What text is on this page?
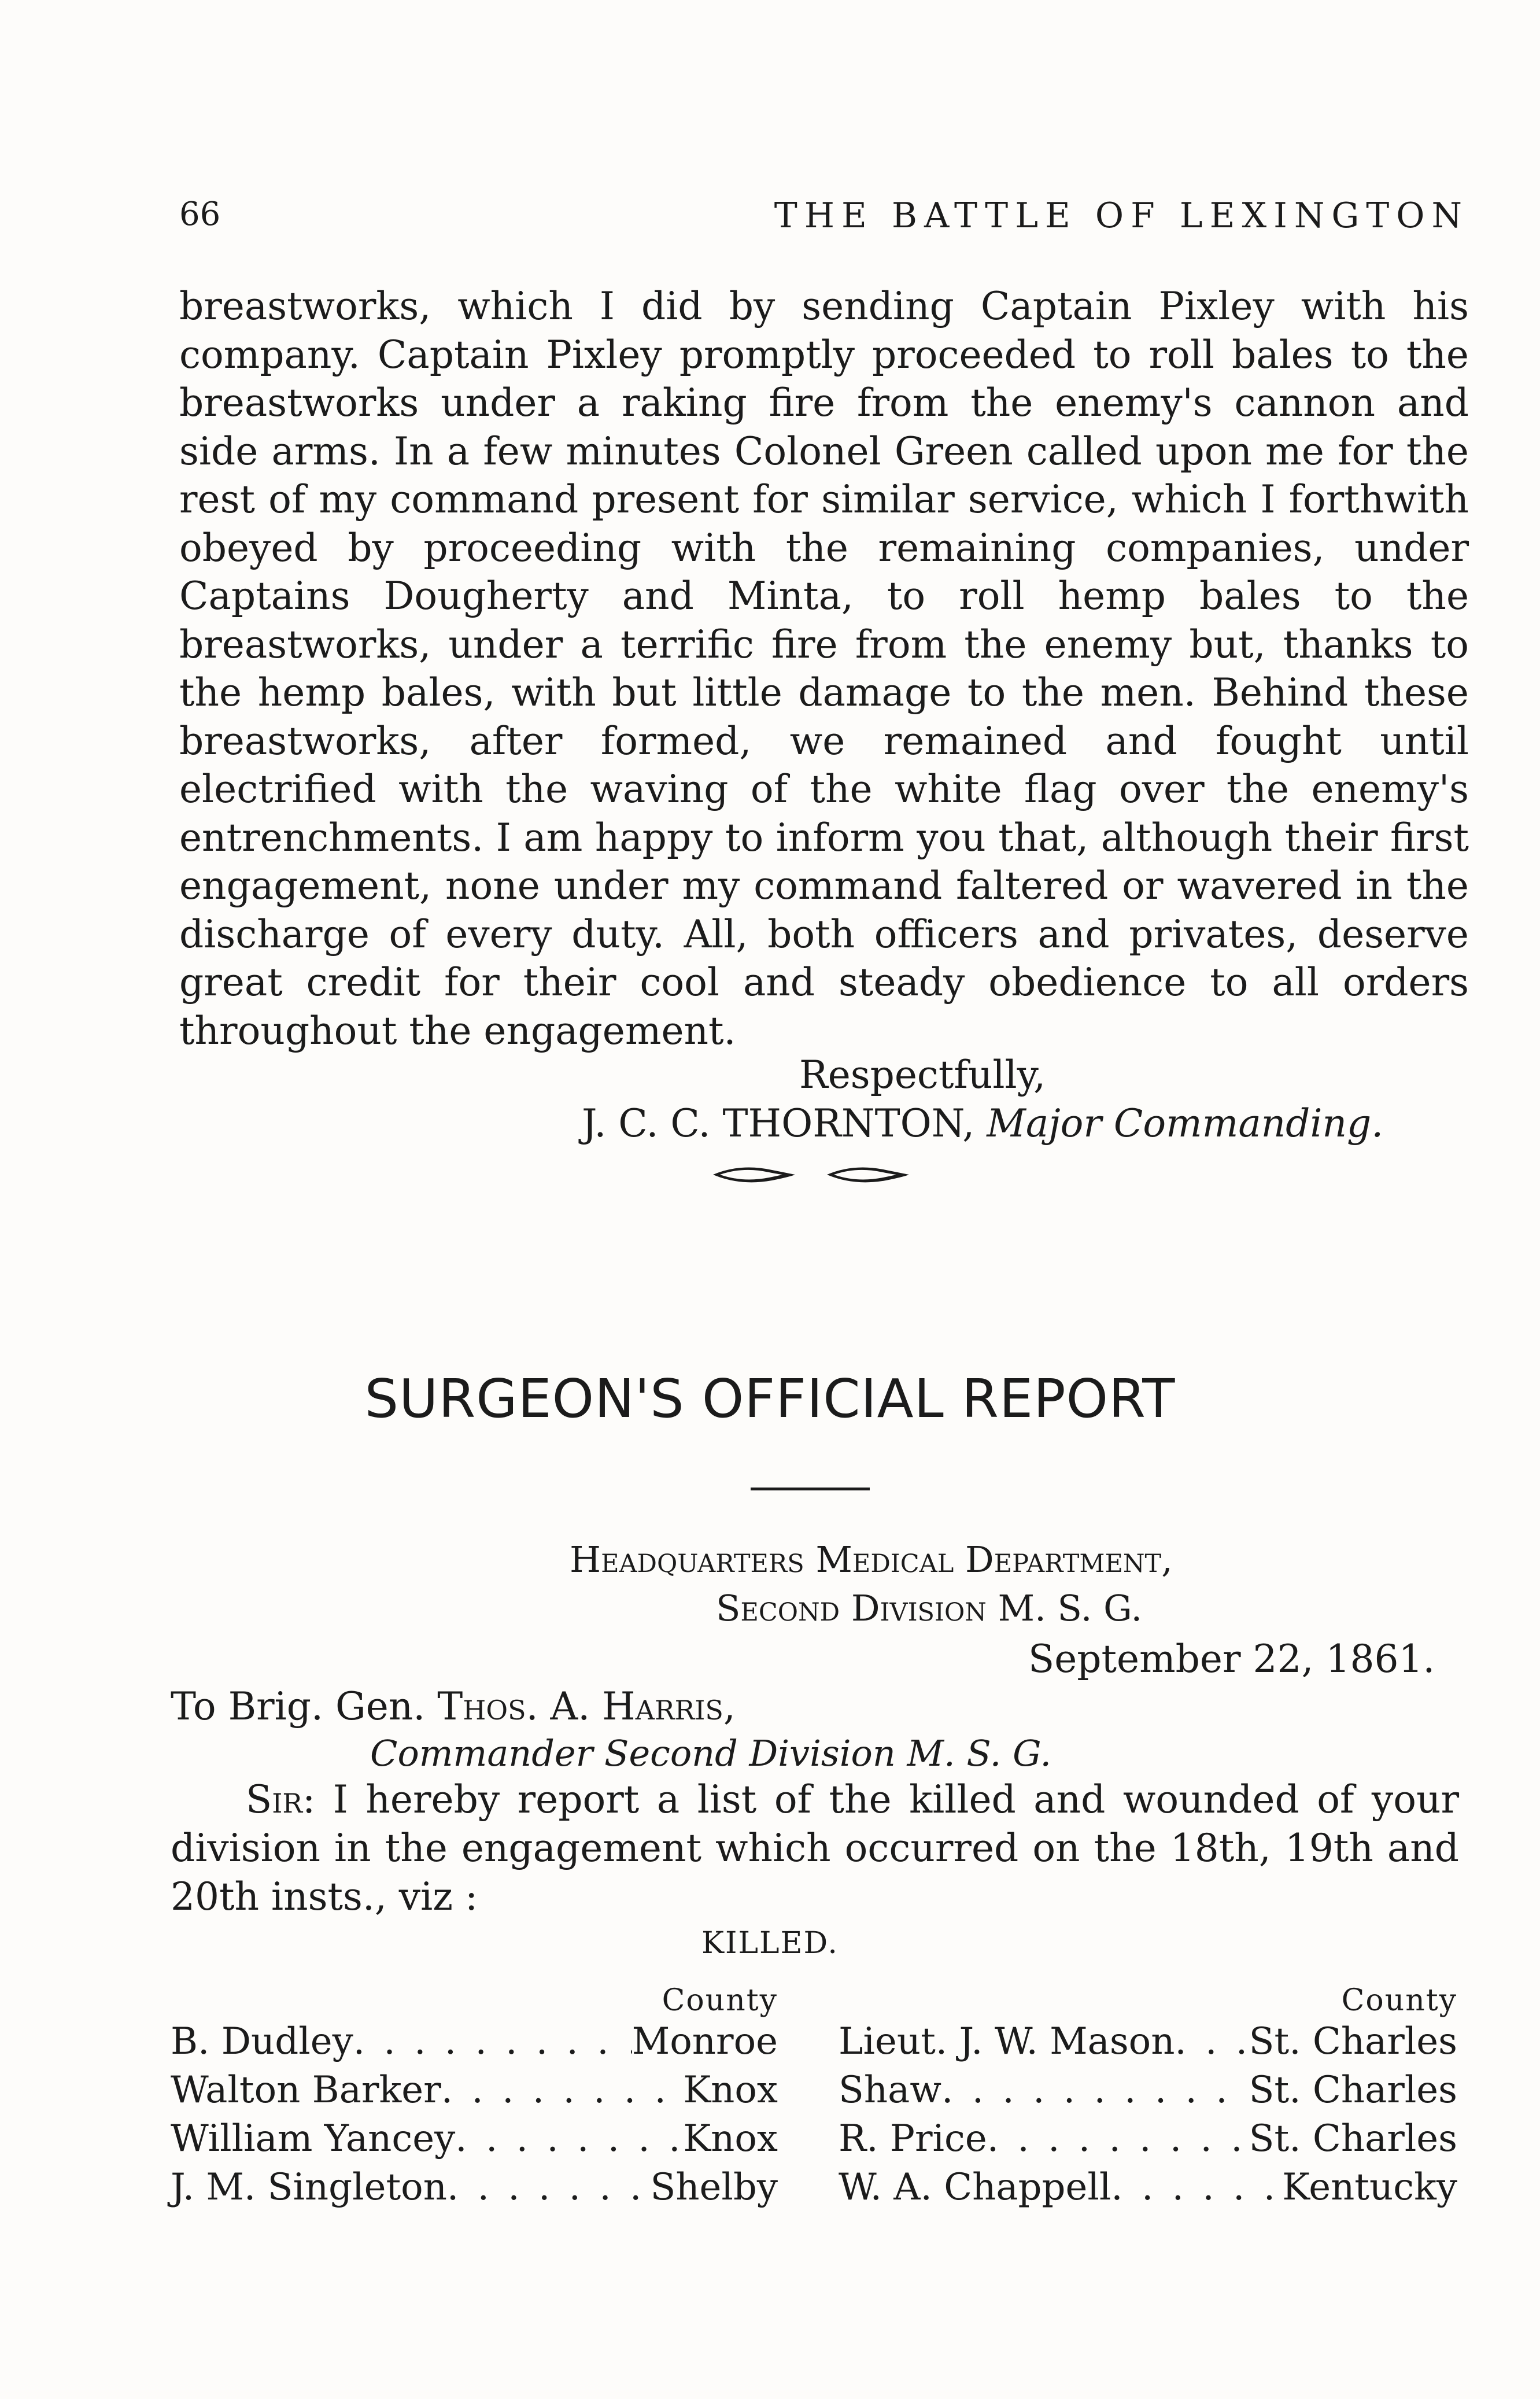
66	THE BATTLE OF LEXINGTON

breastworks, which I did by sending Captain Pixley with his company. Captain Pixley promptly proceeded to roll bales to the breastworks under a raking fire from the enemy's cannon and side arms. In a few minutes Colonel Green called upon me for the rest of my command present for similar service, which I forthwith obeyed by proceeding with the remaining companies, under Captains Dougherty and Minta, to roll hemp bales to the breastworks, under a terrific fire from the enemy but, thanks to the hemp bales, with but little damage to the men. Behind these breastworks, after formed, we remained and fought until electrified with the waving of the white flag over the enemy's entrenchments. I am happy to inform you that, although their first engagement, none under my command faltered or wavered in the discharge of every duty. All, both officers and privates, deserve great credit for their cool and steady obedience to all orders throughout the engagement.

Respectfully,
J. C. C. THORNTON, Major Commanding.
SURGEON'S OFFICIAL REPORT
Headquarters Medical Department,
Second Division M. S. G.
September 22, 1861.
To Brig. Gen. Thos. A. Harris,
Commander Second Division M. S. G.

Sir: I hereby report a list of the killed and wounded of your division in the engagement which occurred on the 18th, 19th and 20th insts., viz :

KILLED.
County
B. Dudley . . .	Monroe
Walton Barker . . .	Knox
William Yancey . . .	Knox
J. M. Singleton . . .	Shelby
County
Lieut. J. W. Mason . . . St. Charles
Shaw . . .	St. Charles
R. Price . . .	St. Charles
W. A. Chappell . . .	Kentucky
